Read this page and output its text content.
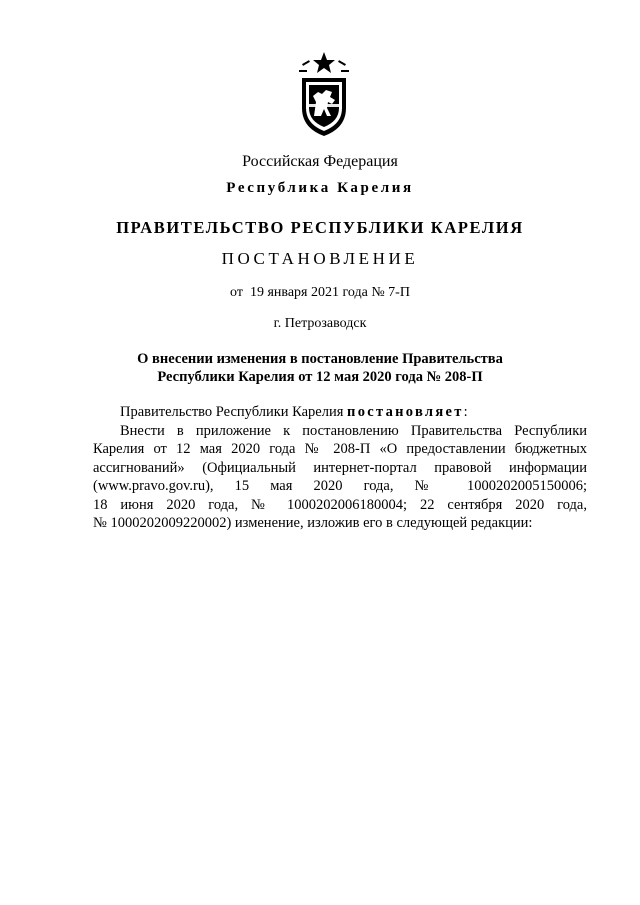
Российская Федерация
Республика Карелия
ПРАВИТЕЛЬСТВО РЕСПУБЛИКИ КАРЕЛИЯ
ПОСТАНОВЛЕНИЕ
от  19 января 2021 года № 7-П
г. Петрозаводск
О внесении изменения в постановление Правительства
Республики Карелия от 12 мая 2020 года № 208-П
Правительство Республики Карелия постановляет:
Внести в приложение к постановлению Правительства Республики
Карелия от 12 мая 2020 года № 208-П «О предоставлении бюджетных
ассигнований» (Официальный интернет-портал правовой информации
(www.pravo.gov.ru), 15 мая 2020 года, № 1000202005150006;
18 июня 2020 года, № 1000202006180004; 22 сентября 2020 года,
№ 1000202009220002) изменение, изложив его в следующей редакции:
